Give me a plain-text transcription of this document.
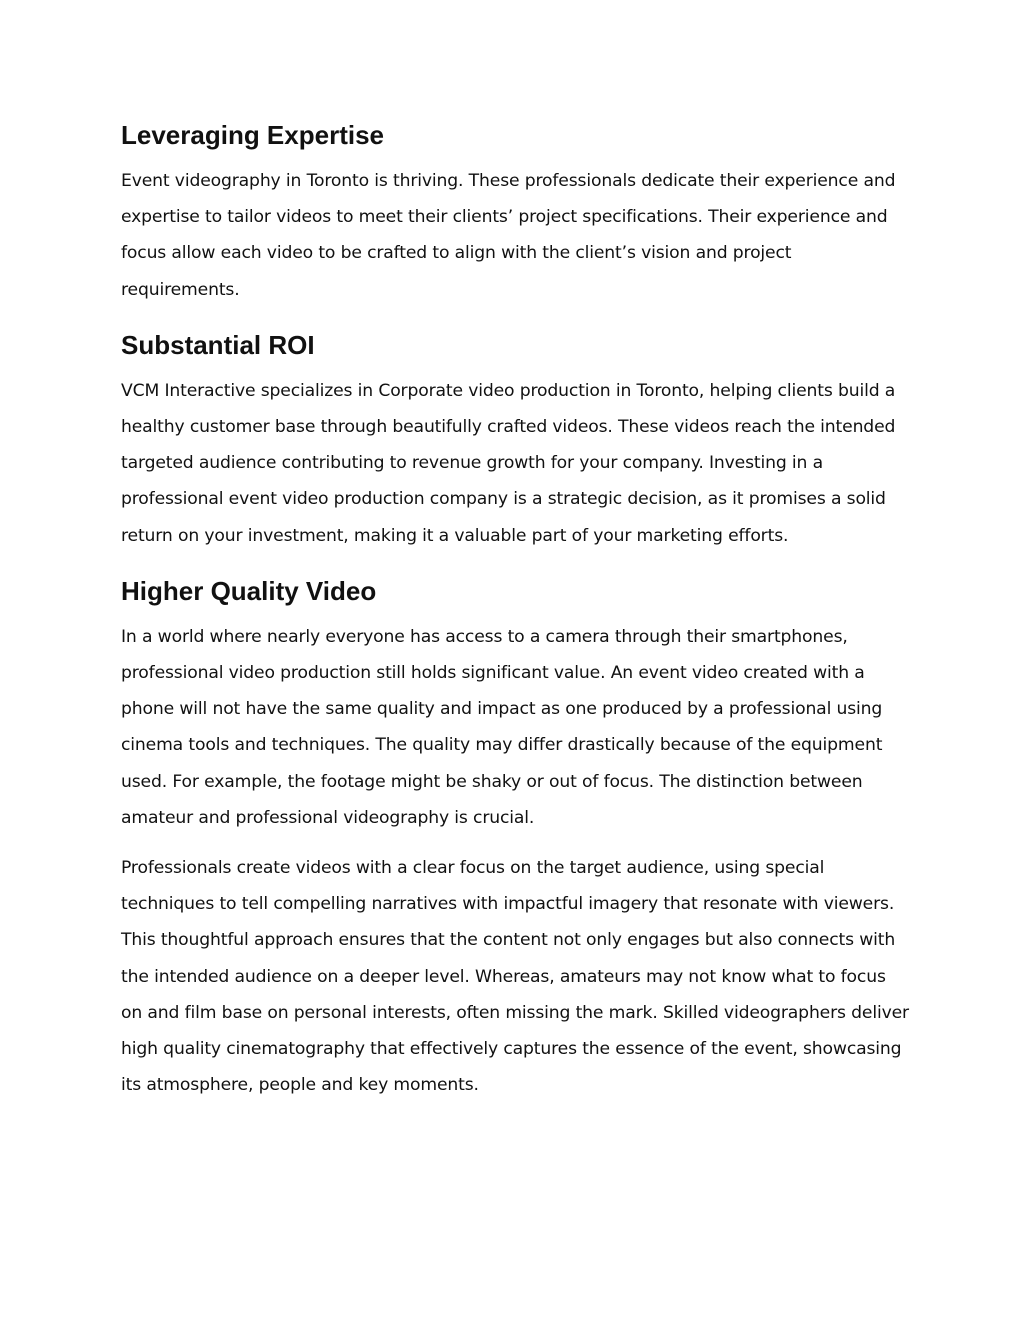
Leveraging Expertise

Event videography in Toronto is thriving. These professionals dedicate their experience and expertise to tailor videos to meet their clients’ project specifications. Their experience and focus allow each video to be crafted to align with the client’s vision and project requirements.

Substantial ROI

VCM Interactive specializes in Corporate video production in Toronto, helping clients build a healthy customer base through beautifully crafted videos. These videos reach the intended targeted audience contributing to revenue growth for your company. Investing in a professional event video production company is a strategic decision, as it promises a solid return on your investment, making it a valuable part of your marketing efforts.

Higher Quality Video

In a world where nearly everyone has access to a camera through their smartphones, professional video production still holds significant value. An event video created with a phone will not have the same quality and impact as one produced by a professional using cinema tools and techniques. The quality may differ drastically because of the equipment used. For example, the footage might be shaky or out of focus. The distinction between amateur and professional videography is crucial.

Professionals create videos with a clear focus on the target audience, using special techniques to tell compelling narratives with impactful imagery that resonate with viewers. This thoughtful approach ensures that the content not only engages but also connects with the intended audience on a deeper level. Whereas, amateurs may not know what to focus on and film base on personal interests, often missing the mark. Skilled videographers deliver high quality cinematography that effectively captures the essence of the event, showcasing its atmosphere, people and key moments.
